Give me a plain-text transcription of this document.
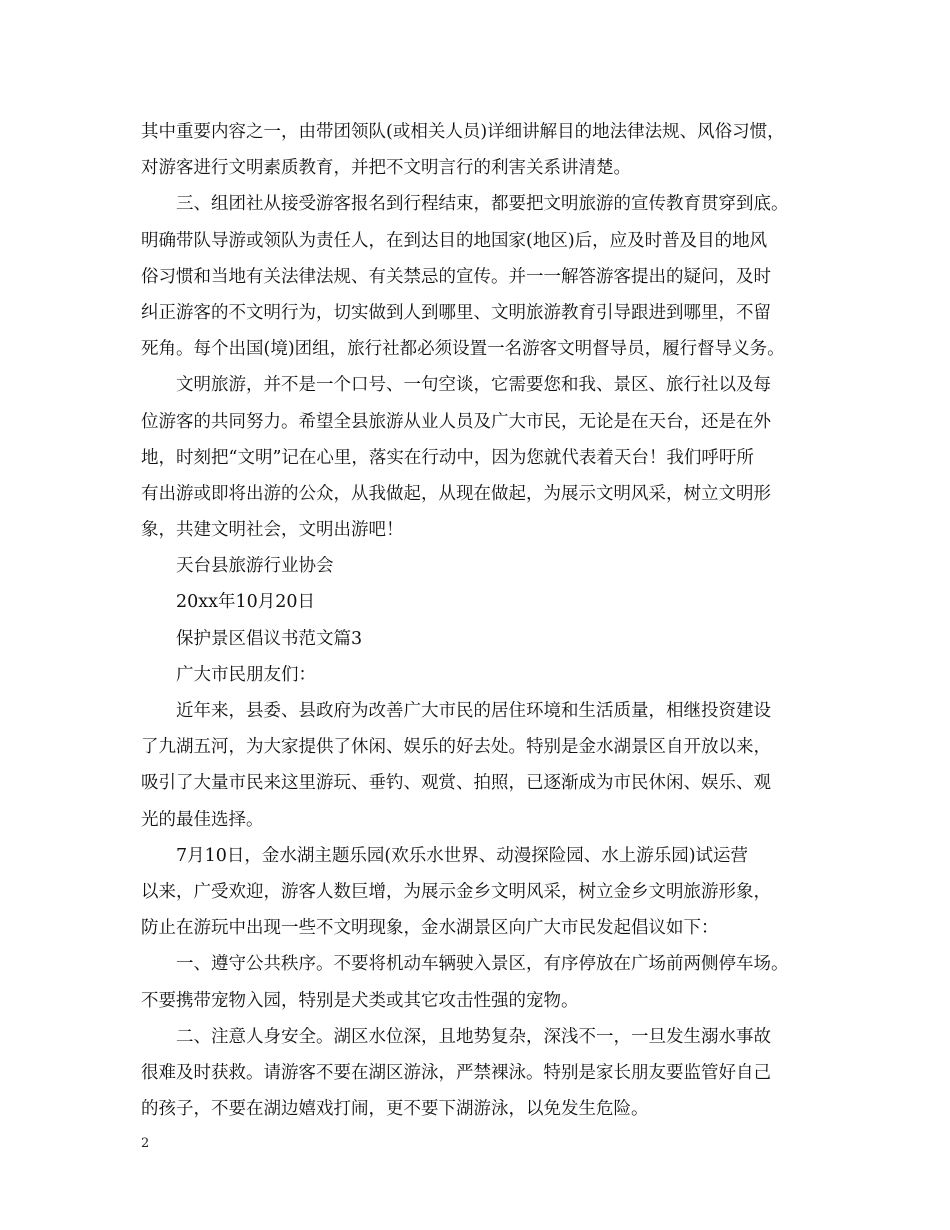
其中重要内容之一，由带团领队(或相关人员)详细讲解目的地法律法规、风俗习惯，
对游客进行文明素质教育，并把不文明言行的利害关系讲清楚。
三、组团社从接受游客报名到行程结束，都要把文明旅游的宣传教育贯穿到底。
明确带队导游或领队为责任人，在到达目的地国家(地区)后，应及时普及目的地风
俗习惯和当地有关法律法规、有关禁忌的宣传。并一一解答游客提出的疑问，及时
纠正游客的不文明行为，切实做到人到哪里、文明旅游教育引导跟进到哪里，不留
死角。每个出国(境)团组，旅行社都必须设置一名游客文明督导员，履行督导义务。
文明旅游，并不是一个口号、一句空谈，它需要您和我、景区、旅行社以及每
位游客的共同努力。希望全县旅游从业人员及广大市民，无论是在天台，还是在外
地，时刻把“文明”记在心里，落实在行动中，因为您就代表着天台！我们呼吁所
有出游或即将出游的公众，从我做起，从现在做起，为展示文明风采，树立文明形
象，共建文明社会，文明出游吧！
天台县旅游行业协会
20xx年10月20日
保护景区倡议书范文篇3
广大市民朋友们：
近年来，县委、县政府为改善广大市民的居住环境和生活质量，相继投资建设
了九湖五河，为大家提供了休闲、娱乐的好去处。特别是金水湖景区自开放以来，
吸引了大量市民来这里游玩、垂钓、观赏、拍照，已逐渐成为市民休闲、娱乐、观
光的最佳选择。
7月10日，金水湖主题乐园(欢乐水世界、动漫探险园、水上游乐园)试运营
以来，广受欢迎，游客人数巨增，为展示金乡文明风采，树立金乡文明旅游形象，
防止在游玩中出现一些不文明现象，金水湖景区向广大市民发起倡议如下：
一、遵守公共秩序。不要将机动车辆驶入景区，有序停放在广场前两侧停车场。
不要携带宠物入园，特别是犬类或其它攻击性强的宠物。
二、注意人身安全。湖区水位深，且地势复杂，深浅不一，一旦发生溺水事故
很难及时获救。请游客不要在湖区游泳，严禁裸泳。特别是家长朋友要监管好自己
的孩子，不要在湖边嬉戏打闹，更不要下湖游泳，以免发生危险。
2
